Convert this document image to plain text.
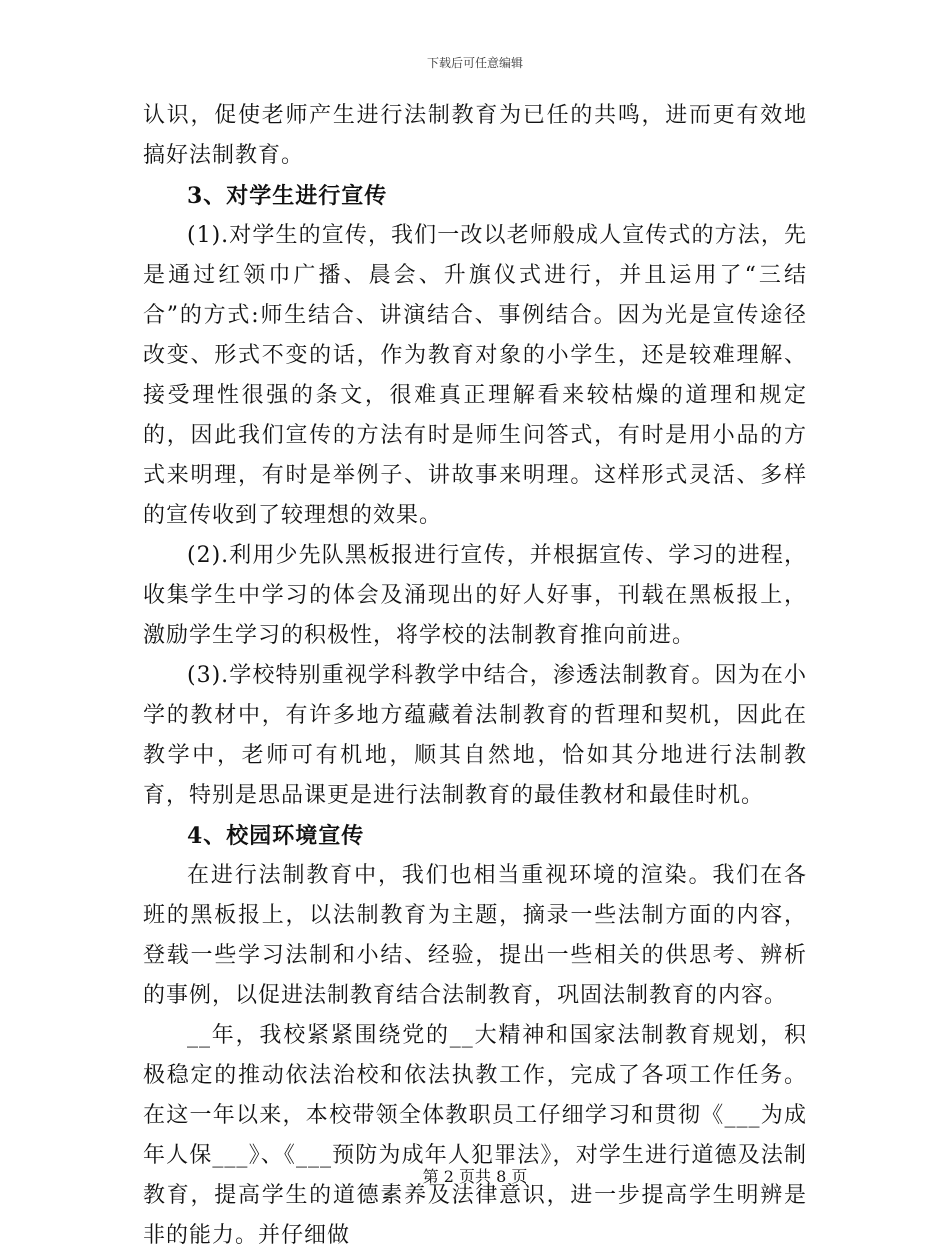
下载后可任意编辑

认识，促使老师产生进行法制教育为已任的共鸣，进而更有效地搞好法制教育。

3、对学生进行宣传

(1).对学生的宣传，我们一改以老师般成人宣传式的方法，先是通过红领巾广播、晨会、升旗仪式进行，并且运用了“三结合”的方式:师生结合、讲演结合、事例结合。因为光是宣传途径改变、形式不变的话，作为教育对象的小学生，还是较难理解、接受理性很强的条文，很难真正理解看来较枯燥的道理和规定的，因此我们宣传的方法有时是师生问答式，有时是用小品的方式来明理，有时是举例子、讲故事来明理。这样形式灵活、多样的宣传收到了较理想的效果。

(2).利用少先队黑板报进行宣传，并根据宣传、学习的进程，收集学生中学习的体会及涌现出的好人好事，刊载在黑板报上，激励学生学习的积极性，将学校的法制教育推向前进。

(3).学校特别重视学科教学中结合，渗透法制教育。因为在小学的教材中，有许多地方蕴藏着法制教育的哲理和契机，因此在教学中，老师可有机地，顺其自然地，恰如其分地进行法制教育，特别是思品课更是进行法制教育的最佳教材和最佳时机。

4、校园环境宣传

在进行法制教育中，我们也相当重视环境的渲染。我们在各班的黑板报上，以法制教育为主题，摘录一些法制方面的内容，登载一些学习法制和小结、经验，提出一些相关的供思考、辨析的事例，以促进法制教育结合法制教育，巩固法制教育的内容。

__年，我校紧紧围绕党的__大精神和国家法制教育规划，积极稳定的推动依法治校和依法执教工作，完成了各项工作任务。在这一年以来，本校带领全体教职员工仔细学习和贯彻《___为成年人保___》、《___预防为成年人犯罪法》，对学生进行道德及法制教育，提高学生的道德素养及法律意识，进一步提高学生明辨是非的能力。并仔细做

第 2 页共 8 页
